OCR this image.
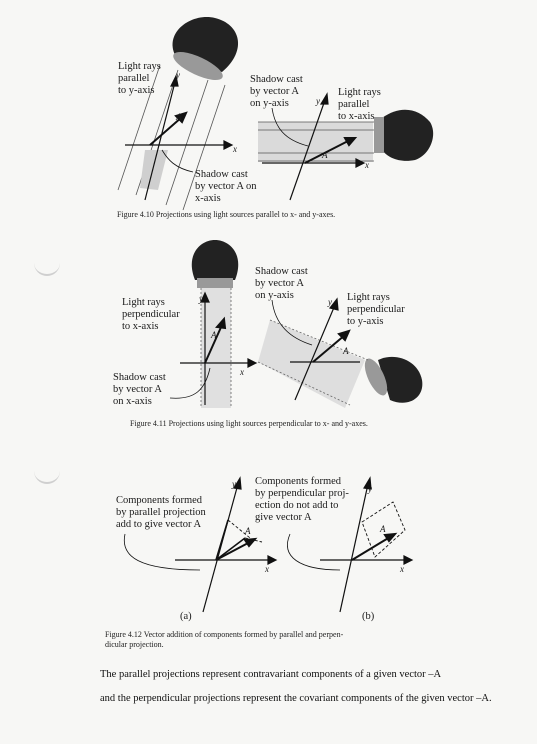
x
y
A
Light rays parallel to y-axis
Shadow cast by vector A on x-axis
x
y
A
Shadow cast by vector A on y-axis
Light rays parallel to x-axis
Figure 4.10 Projections using light sources parallel to x- and y-axes.
x
y
A
Light rays perpendicular to x-axis
Shadow cast by vector A on x-axis
y
A
Shadow cast by vector A on y-axis	Light rays perpendicular to y-axis
Figure 4.11 Projections using light sources perpendicular to x- and y-axes.
y
x
A
Components formed by parallel projection add to give vector A
y
x
A
Components formed by perpendicular proj- ection do not add to give vector A
(a)	(b)
Figure 4.12 Vector addition of components formed by parallel and perpen-
dicular projection.
The parallel projections represent contravariant components of a given vector –A
and the perpendicular projections represent the covariant components of the given vector –A.
